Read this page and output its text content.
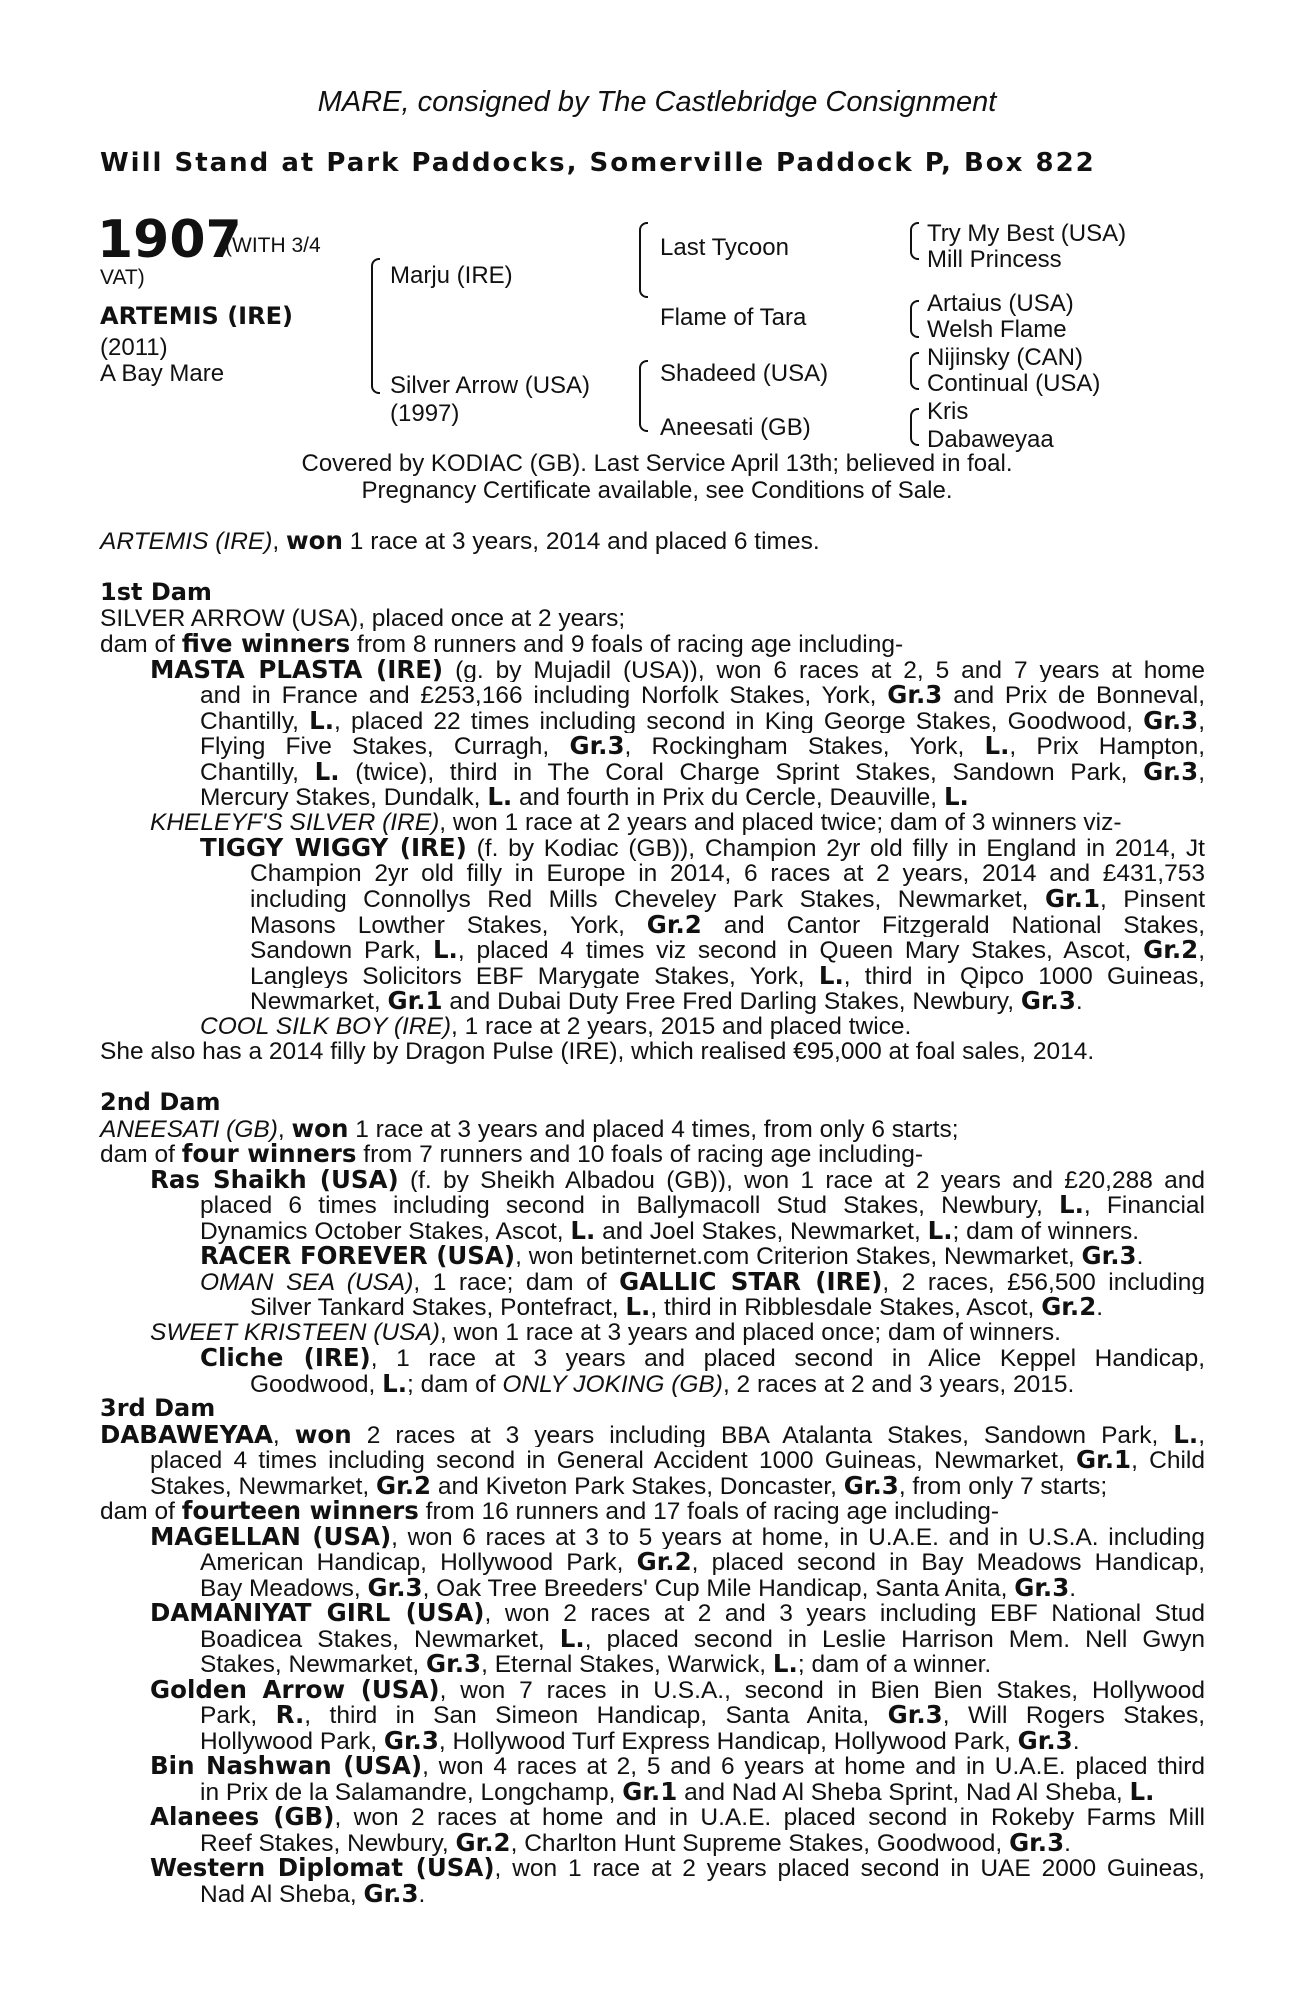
MARE, consigned by The Castlebridge Consignment
Will Stand at Park Paddocks, Somerville Paddock P, Box 822
1907
(WITH 3/4
VAT)
ARTEMIS (IRE)
(2011)
A Bay Mare
Marju (IRE)
Silver Arrow (USA)
(1997)
Last Tycoon
Flame of Tara
Shadeed (USA)
Aneesati (GB)
Try My Best (USA)
Mill Princess
Artaius (USA)
Welsh Flame
Nijinsky (CAN)
Continual (USA)
Kris
Dabaweyaa
Covered by KODIAC (GB). Last Service April 13th; believed in foal.
Pregnancy Certificate available, see Conditions of Sale.
ARTEMIS (IRE), won 1 race at 3 years, 2014 and placed 6 times.
1st Dam
SILVER ARROW (USA), placed once at 2 years;
dam of five winners from 8 runners and 9 foals of racing age including-
MASTA PLASTA (IRE) (g. by Mujadil (USA)), won 6 races at 2, 5 and 7 years at home
and in France and £253,166 including Norfolk Stakes, York, Gr.3 and Prix de Bonneval,
Chantilly, L., placed 22 times including second in King George Stakes, Goodwood, Gr.3,
Flying Five Stakes, Curragh, Gr.3, Rockingham Stakes, York, L., Prix Hampton,
Chantilly, L. (twice), third in The Coral Charge Sprint Stakes, Sandown Park, Gr.3,
Mercury Stakes, Dundalk, L. and fourth in Prix du Cercle, Deauville, L.
KHELEYF'S SILVER (IRE), won 1 race at 2 years and placed twice; dam of 3 winners viz-
TIGGY WIGGY (IRE) (f. by Kodiac (GB)), Champion 2yr old filly in England in 2014, Jt
Champion 2yr old filly in Europe in 2014, 6 races at 2 years, 2014 and £431,753
including Connollys Red Mills Cheveley Park Stakes, Newmarket, Gr.1, Pinsent
Masons Lowther Stakes, York, Gr.2 and Cantor Fitzgerald National Stakes,
Sandown Park, L., placed 4 times viz second in Queen Mary Stakes, Ascot, Gr.2,
Langleys Solicitors EBF Marygate Stakes, York, L., third in Qipco 1000 Guineas,
Newmarket, Gr.1 and Dubai Duty Free Fred Darling Stakes, Newbury, Gr.3.
COOL SILK BOY (IRE), 1 race at 2 years, 2015 and placed twice.
She also has a 2014 filly by Dragon Pulse (IRE), which realised €95,000 at foal sales, 2014.
2nd Dam
ANEESATI (GB), won 1 race at 3 years and placed 4 times, from only 6 starts;
dam of four winners from 7 runners and 10 foals of racing age including-
Ras Shaikh (USA) (f. by Sheikh Albadou (GB)), won 1 race at 2 years and £20,288 and
placed 6 times including second in Ballymacoll Stud Stakes, Newbury, L., Financial
Dynamics October Stakes, Ascot, L. and Joel Stakes, Newmarket, L.; dam of winners.
RACER FOREVER (USA), won betinternet.com Criterion Stakes, Newmarket, Gr.3.
OMAN SEA (USA), 1 race; dam of GALLIC STAR (IRE), 2 races, £56,500 including
Silver Tankard Stakes, Pontefract, L., third in Ribblesdale Stakes, Ascot, Gr.2.
SWEET KRISTEEN (USA), won 1 race at 3 years and placed once; dam of winners.
Cliche (IRE), 1 race at 3 years and placed second in Alice Keppel Handicap,
Goodwood, L.; dam of ONLY JOKING (GB), 2 races at 2 and 3 years, 2015.
3rd Dam
DABAWEYAA, won 2 races at 3 years including BBA Atalanta Stakes, Sandown Park, L.,
placed 4 times including second in General Accident 1000 Guineas, Newmarket, Gr.1, Child
Stakes, Newmarket, Gr.2 and Kiveton Park Stakes, Doncaster, Gr.3, from only 7 starts;
dam of fourteen winners from 16 runners and 17 foals of racing age including-
MAGELLAN (USA), won 6 races at 3 to 5 years at home, in U.A.E. and in U.S.A. including
American Handicap, Hollywood Park, Gr.2, placed second in Bay Meadows Handicap,
Bay Meadows, Gr.3, Oak Tree Breeders' Cup Mile Handicap, Santa Anita, Gr.3.
DAMANIYAT GIRL (USA), won 2 races at 2 and 3 years including EBF National Stud
Boadicea Stakes, Newmarket, L., placed second in Leslie Harrison Mem. Nell Gwyn
Stakes, Newmarket, Gr.3, Eternal Stakes, Warwick, L.; dam of a winner.
Golden Arrow (USA), won 7 races in U.S.A., second in Bien Bien Stakes, Hollywood
Park, R., third in San Simeon Handicap, Santa Anita, Gr.3, Will Rogers Stakes,
Hollywood Park, Gr.3, Hollywood Turf Express Handicap, Hollywood Park, Gr.3.
Bin Nashwan (USA), won 4 races at 2, 5 and 6 years at home and in U.A.E. placed third
in Prix de la Salamandre, Longchamp, Gr.1 and Nad Al Sheba Sprint, Nad Al Sheba, L.
Alanees (GB), won 2 races at home and in U.A.E. placed second in Rokeby Farms Mill
Reef Stakes, Newbury, Gr.2, Charlton Hunt Supreme Stakes, Goodwood, Gr.3.
Western Diplomat (USA), won 1 race at 2 years placed second in UAE 2000 Guineas,
Nad Al Sheba, Gr.3.
